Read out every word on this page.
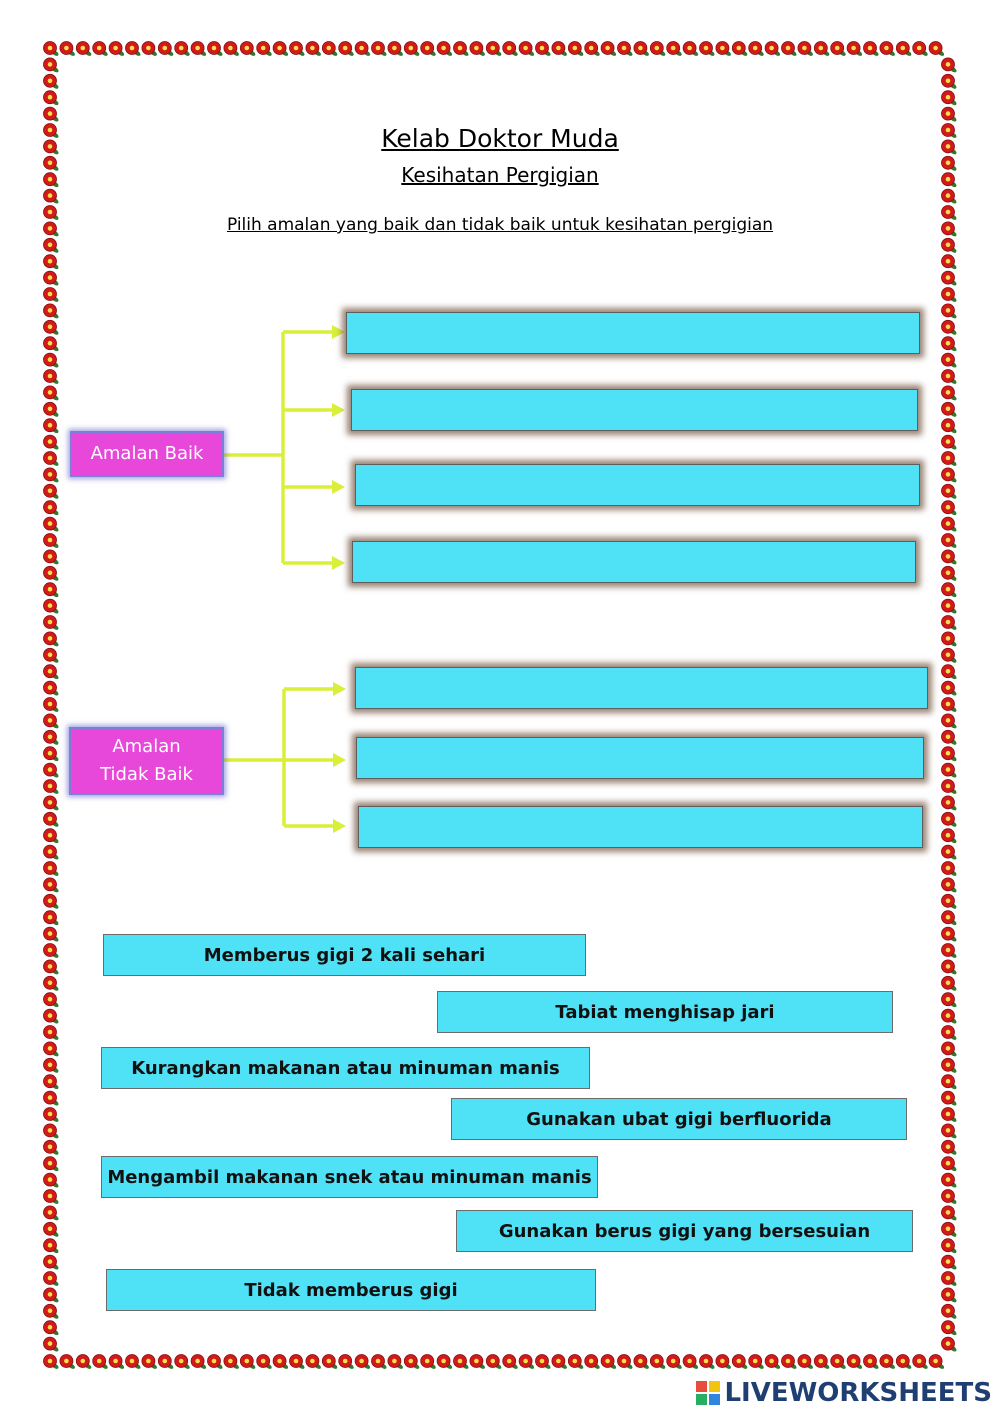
Kelab Doktor Muda
Kesihatan Pergigian
Pilih amalan yang baik dan tidak baik untuk kesihatan pergigian
Amalan Baik
Amalan
Tidak Baik
Memberus gigi 2 kali sehari
Tabiat menghisap jari
Kurangkan makanan atau minuman manis
Gunakan ubat gigi berfluorida
Mengambil makanan snek atau minuman manis
Gunakan berus gigi yang bersesuian
Tidak memberus gigi
LIVEWORKSHEETS
